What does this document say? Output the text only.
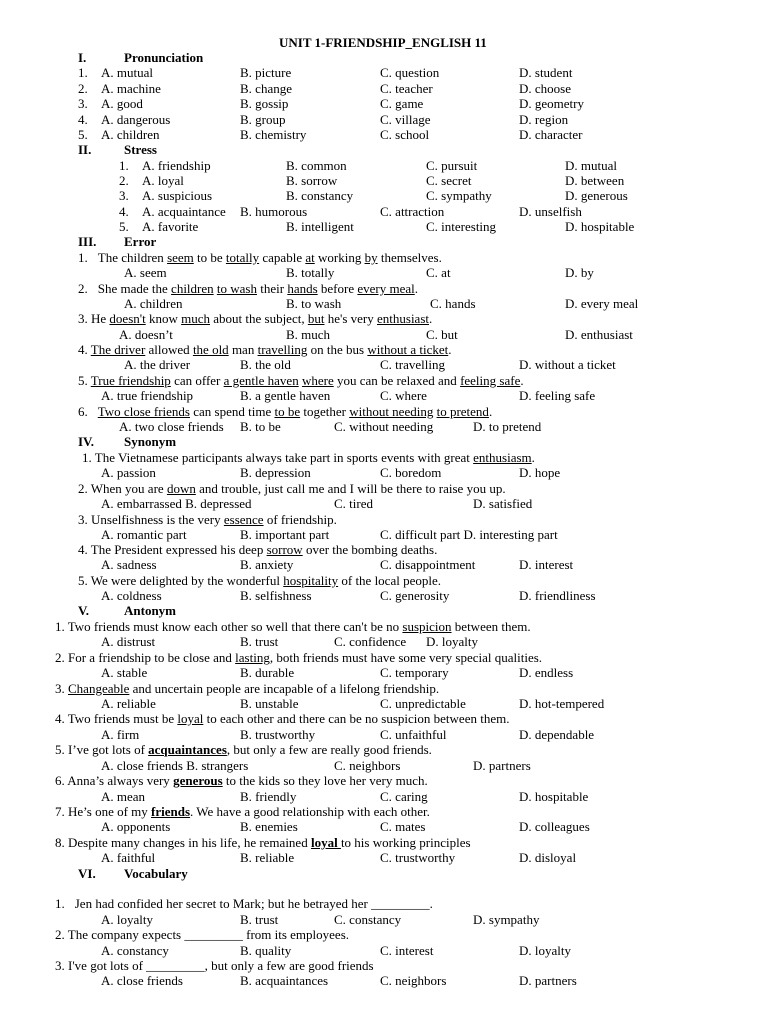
UNIT 1-FRIENDSHIP_ENGLISH 11
I.	Pronunciation
1. A. mutual	B. picture	C. question	D. student
2. A. machine	B. change	C. teacher	D. choose
3. A. good	B. gossip	C. game	D. geometry
4. A. dangerous	B. group	C. village	D. region
5. A. children	B. chemistry	C. school	D. character
II.	Stress
1. A. friendship	B. common	C. pursuit	D. mutual
2. A. loyal	B. sorrow	C. secret	D. between
3. A. suspicious	B. constancy	C. sympathy	D. generous
4. A. acquaintance B. humorous	C. attraction	D. unselfish
5. A. favorite	B. intelligent	C. interesting	D. hospitable
III. Error
1. The children seem to be totally capable at working by themselves.
A. seem	B. totally	C. at	D. by
2. She made the children to wash their hands before every meal.
A. children	B. to wash	C. hands	D. every meal
3. He doesn't know much about the subject, but he's very enthusiast.
A. doesn’t	B. much	C. but	D. enthusiast
4. The driver allowed the old man travelling on the bus without a ticket.
A. the driver	B. the old	C. travelling	D. without a ticket
5. True friendship can offer a gentle haven where you can be relaxed and feeling safe.
A. true friendship	B. a gentle haven	C. where	D. feeling safe
6. Two close friends can spend time to be together without needing to pretend.
A. two close friends B. to be	C. without needing	D. to pretend
IV. Synonym
1. The Vietnamese participants always take part in sports events with great enthusiasm.
A. passion	B. depression	C. boredom	D. hope
2. When you are down and trouble, just call me and I will be there to raise you up.
A. embarrassed B. depressed	C. tired	D. satisfied
3. Unselfishness is the very essence of friendship.
A. romantic part	B. important part	C. difficult part D. interesting part
4. The President expressed his deep sorrow over the bombing deaths.
A. sadness	B. anxiety	C. disappointment	D. interest
5. We were delighted by the wonderful hospitality of the local people.
A. coldness	B. selfishness	C. generosity	D. friendliness
V.	Antonym
1. Two friends must know each other so well that there can't be no suspicion between them.
A. distrust	B. trust	C. confidence D. loyalty
2. For a friendship to be close and lasting, both friends must have some very special qualities.
A. stable	B. durable	C. temporary	D. endless
3. Changeable and uncertain people are incapable of a lifelong friendship.
A. reliable	B. unstable	C. unpredictable	D. hot-tempered
4. Two friends must be loyal to each other and there can be no suspicion between them.
A. firm	B. trustworthy	C. unfaithful	D. dependable
5. I’ve got lots of acquaintances, but only a few are really good friends.
A. close friends B. strangers	C. neighbors	D. partners
6. Anna’s always very generous to the kids so they love her very much.
A. mean	B. friendly	C. caring	D. hospitable
7. He’s one of my friends. We have a good relationship with each other.
A. opponents	B. enemies	C. mates	D. colleagues
8. Despite many changes in his life, he remained loyal to his working principles
A. faithful	B. reliable	C. trustworthy	D. disloyal
VI. Vocabulary
1. Jen had confided her secret to Mark; but he betrayed her _________.
A. loyalty	B. trust	C. constancy	D. sympathy
2. The company expects _________ from its employees.
A. constancy	B. quality	C. interest	D. loyalty
3. I've got lots of _________, but only a few are good friends
A. close friends	B. acquaintances	C. neighbors	D. partners
